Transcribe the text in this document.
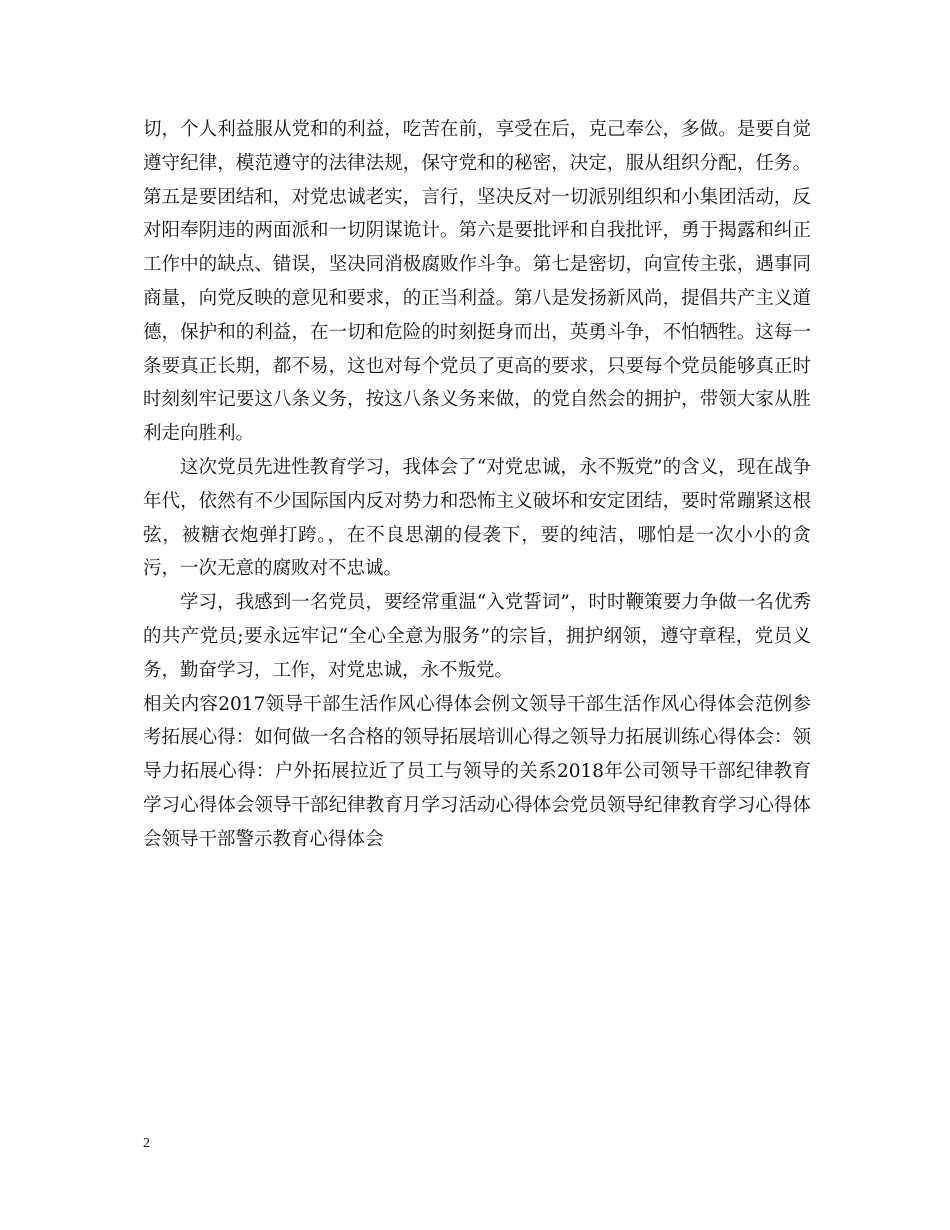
切，个人利益服从党和的利益，吃苦在前，享受在后，克己奉公，多做。是要自觉遵守纪律，模范遵守的法律法规，保守党和的秘密，决定，服从组织分配，任务。第五是要团结和，对党忠诚老实，言行，坚决反对一切派别组织和小集团活动，反对阳奉阴违的两面派和一切阴谋诡计。第六是要批评和自我批评，勇于揭露和纠正工作中的缺点、错误，坚决同消极腐败作斗争。第七是密切，向宣传主张，遇事同商量，向党反映的意见和要求，的正当利益。第八是发扬新风尚，提倡共产主义道德，保护和的利益，在一切和危险的时刻挺身而出，英勇斗争，不怕牺牲。这每一条要真正长期，都不易，这也对每个党员了更高的要求，只要每个党员能够真正时时刻刻牢记要这八条义务，按这八条义务来做，的党自然会的拥护，带领大家从胜利走向胜利。

这次党员先进性教育学习，我体会了“对党忠诚，永不叛党”的含义，现在战争年代，依然有不少国际国内反对势力和恐怖主义破坏和安定团结，要时常蹦紧这根弦，被糖衣炮弹打跨。，在不良思潮的侵袭下，要的纯洁，哪怕是一次小小的贪污，一次无意的腐败对不忠诚。

学习，我感到一名党员，要经常重温“入党誓词”，时时鞭策要力争做一名优秀的共产党员;要永远牢记“全心全意为服务”的宗旨，拥护纲领，遵守章程，党员义务，勤奋学习，工作，对党忠诚，永不叛党。

相关内容2017领导干部生活作风心得体会例文领导干部生活作风心得体会范例参考拓展心得：如何做一名合格的领导拓展培训心得之领导力拓展训练心得体会：领导力拓展心得：户外拓展拉近了员工与领导的关系2018年公司领导干部纪律教育学习心得体会领导干部纪律教育月学习活动心得体会党员领导纪律教育学习心得体会领导干部警示教育心得体会

2
